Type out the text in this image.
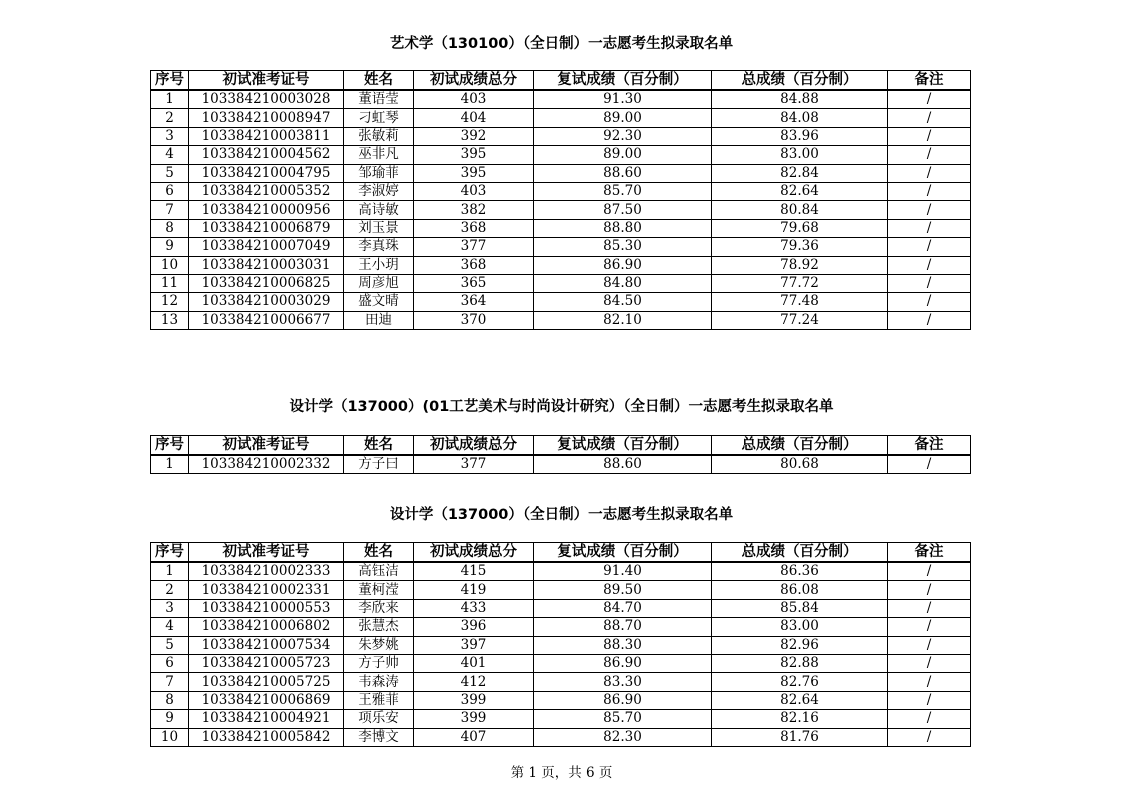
艺术学（130100）（全日制）一志愿考生拟录取名单
序号	初试准考证号	姓名	初试成绩总分	复试成绩（百分制）	总成绩（百分制）	备注
1	103384210003028	董语莹	403	91.30	84.88	/
2	103384210008947	刁虹琴	404	89.00	84.08	/
3	103384210003811	张敏莉	392	92.30	83.96	/
4	103384210004562	巫非凡	395	89.00	83.00	/
5	103384210004795	邹瑜菲	395	88.60	82.84	/
6	103384210005352	李淑婷	403	85.70	82.64	/
7	103384210000956	高诗敏	382	87.50	80.84	/
8	103384210006879	刘玉景	368	88.80	79.68	/
9	103384210007049	李真珠	377	85.30	79.36	/
10	103384210003031	王小玥	368	86.90	78.92	/
11	103384210006825	周彦旭	365	84.80	77.72	/
12	103384210003029	盛文晴	364	84.50	77.48	/
13	103384210006677	田迪	370	82.10	77.24	/
设计学（137000）(01工艺美术与时尚设计研究）（全日制）一志愿考生拟录取名单
序号	初试准考证号	姓名	初试成绩总分	复试成绩（百分制）	总成绩（百分制）	备注
1	103384210002332	方子曰	377	88.60	80.68	/
设计学（137000）（全日制）一志愿考生拟录取名单
序号	初试准考证号	姓名	初试成绩总分	复试成绩（百分制）	总成绩（百分制）	备注
1	103384210002333	高钰洁	415	91.40	86.36	/
2	103384210002331	董柯滢	419	89.50	86.08	/
3	103384210000553	李欣来	433	84.70	85.84	/
4	103384210006802	张慧杰	396	88.70	83.00	/
5	103384210007534	朱梦姚	397	88.30	82.96	/
6	103384210005723	方子帅	401	86.90	82.88	/
7	103384210005725	韦森涛	412	83.30	82.76	/
8	103384210006869	王雅菲	399	86.90	82.64	/
9	103384210004921	项乐安	399	85.70	82.16	/
10	103384210005842	李博文	407	82.30	81.76	/
第 1 页，共 6 页
